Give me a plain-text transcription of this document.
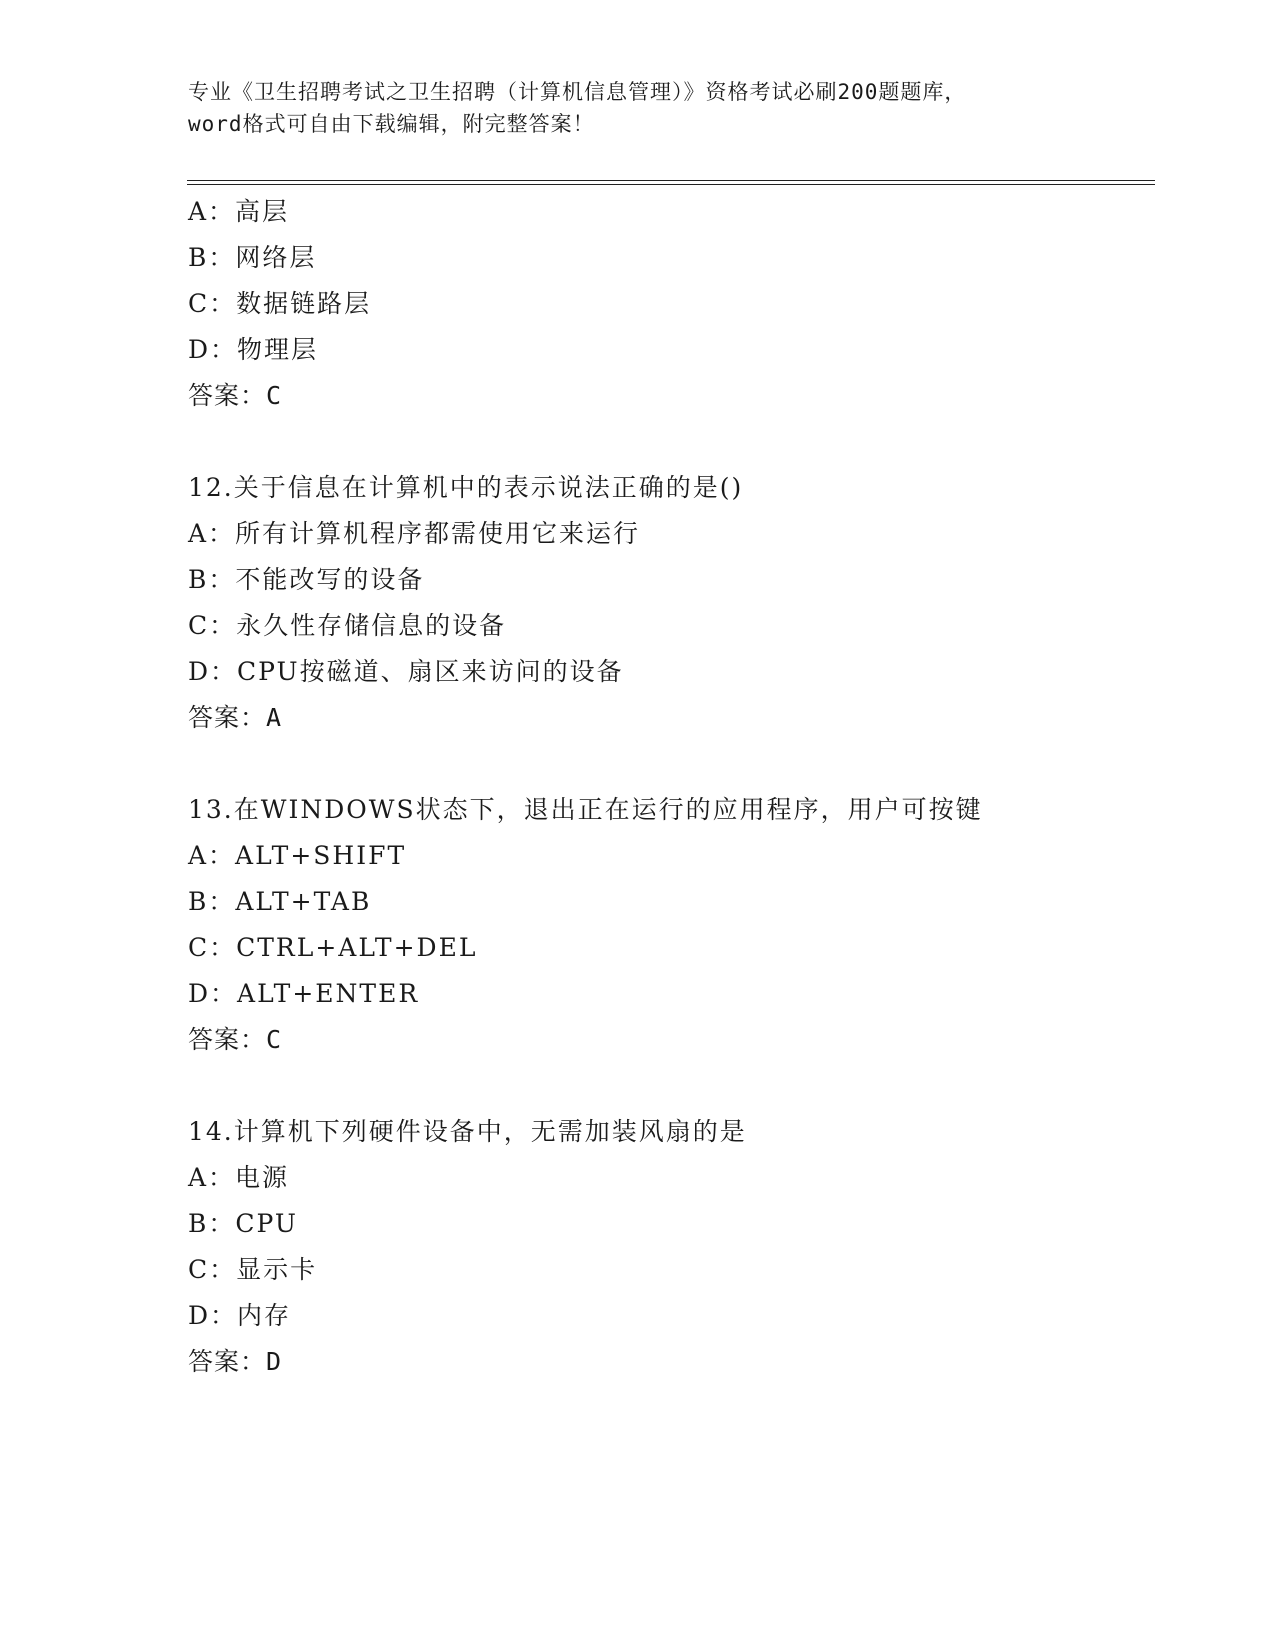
专业《卫生招聘考试之卫生招聘（计算机信息管理）》资格考试必刷200题题库，
word格式可自由下载编辑，附完整答案！
A：高层
B：网络层
C：数据链路层
D：物理层
答案：C
12.关于信息在计算机中的表示说法正确的是()
A：所有计算机程序都需使用它来运行
B：不能改写的设备
C：永久性存储信息的设备
D：CPU按磁道、扇区来访问的设备
答案：A
13.在WINDOWS状态下，退出正在运行的应用程序，用户可按键
A：ALT+SHIFT
B：ALT+TAB
C：CTRL+ALT+DEL
D：ALT+ENTER
答案：C
14.计算机下列硬件设备中，无需加装风扇的是
A：电源
B：CPU
C：显示卡
D：内存
答案：D
